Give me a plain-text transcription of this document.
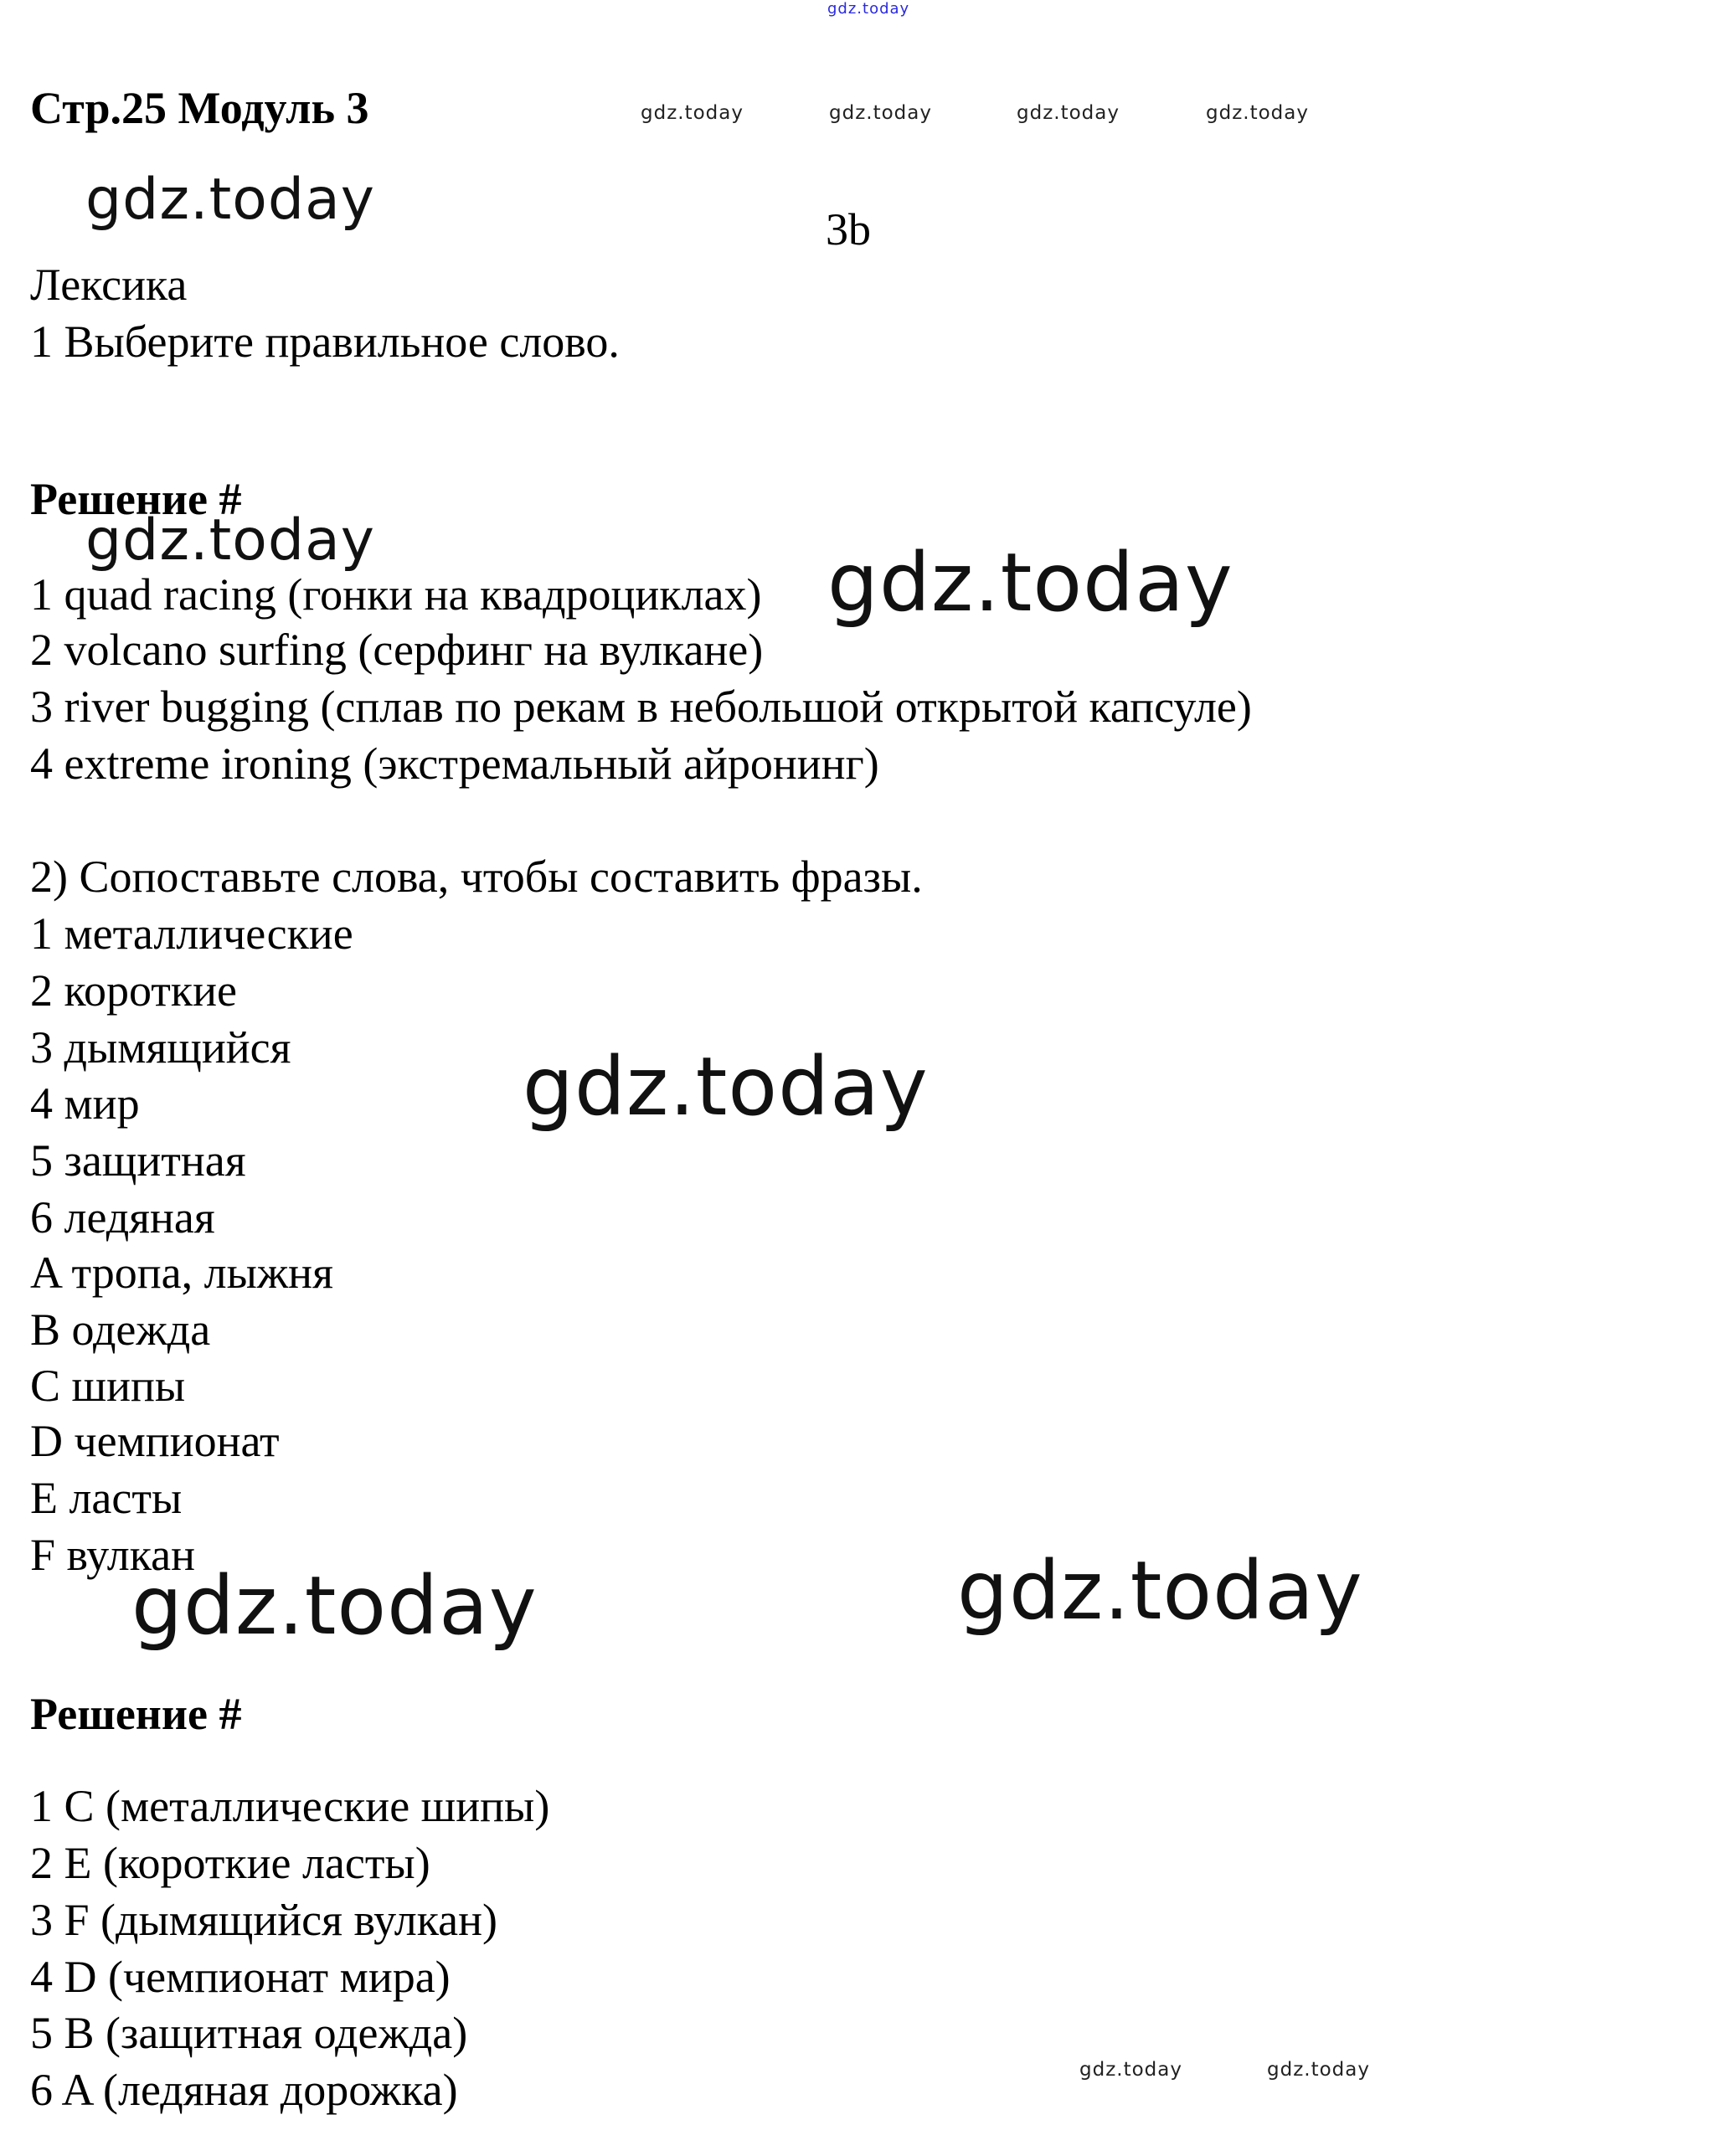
gdz.today
Стр.25 Модуль 3	gdz.today	gdz.today	gdz.today	gdz.today
gdz.today	3b
Лексика
1 Выберите правильное слово.
Решение #
gdz.today
1 quad racing (гонки на квадроциклах) gdz.today
2 volcano surfing (серфинг на вулкане)
3 river bugging (сплав по рекам в небольшой открытой капсуле)
4 extreme ironing (экстремальный айронинг)
2) Сопоставьте слова, чтобы составить фразы.
1 металлические
2 короткие
3 дымящийся
4 мир	gdz.today
5 защитная
6 ледяная
A тропа, лыжня
B одежда
C шипы
D чемпионат
E ласты
F вулкан
gdz.today	gdz.today
Решение #
1 C (металлические шипы)
2 E (короткие ласты)
3 F (дымящийся вулкан)
4 D (чемпионат мира)
5 B (защитная одежда)
6 A (ледяная дорожка)	gdz.today	gdz.today
